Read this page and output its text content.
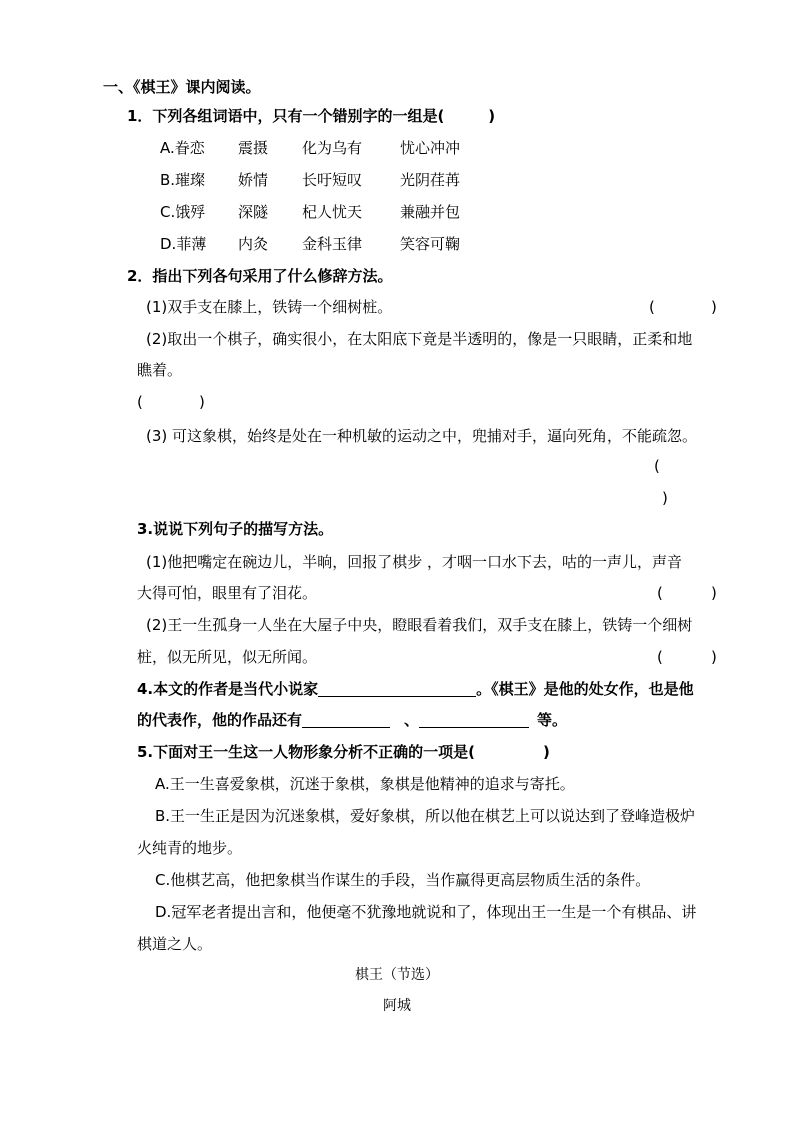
一、《棋王》课内阅读。
1．下列各组词语中，只有一个错别字的一组是(	)
A.眷恋 震摄 化为乌有	忧心冲冲
B.璀璨 娇情 长吁短叹	光阴荏苒
C.饿殍 深隧 杞人忧天	兼融并包
D.菲薄 内灸 金科玉律	笑容可鞠
2．指出下列各句采用了什么修辞方法。
(1)双手支在膝上，铁铸一个细树桩。	(	)
(2)取出一个棋子，确实很小，在太阳底下竟是半透明的，像是一只眼睛，正柔和地
瞧着。
(	)
(3) 可这象棋，始终是处在一种机敏的运动之中，兜捕对手，逼向死角，不能疏忽。
(
)
3.说说下列句子的描写方法。
(1)他把嘴定在碗边儿，半晌，回报了棋步 ，才咽一口水下去，咕的一声儿，声音
大得可怕，眼里有了泪花。	(	)
(2)王一生孤身一人坐在大屋子中央，瞪眼看着我们，双手支在膝上，铁铸一个细树
桩，似无所见，似无所闻。	(	)
4.本文的作者是当代小说家	。《棋王》是他的处女作，也是他
的代表作，他的作品还有	、	等。
5.下面对王一生这一人物形象分析不正确的一项是(	)
A.王一生喜爱象棋，沉迷于象棋，象棋是他精神的追求与寄托。
B.王一生正是因为沉迷象棋，爱好象棋，所以他在棋艺上可以说达到了登峰造极炉
火纯青的地步。
C.他棋艺高，他把象棋当作谋生的手段，当作赢得更高层物质生活的条件。
D.冠军老者提出言和，他便毫不犹豫地就说和了，体现出王一生是一个有棋品、讲
棋道之人。
棋王（节选）
阿城
